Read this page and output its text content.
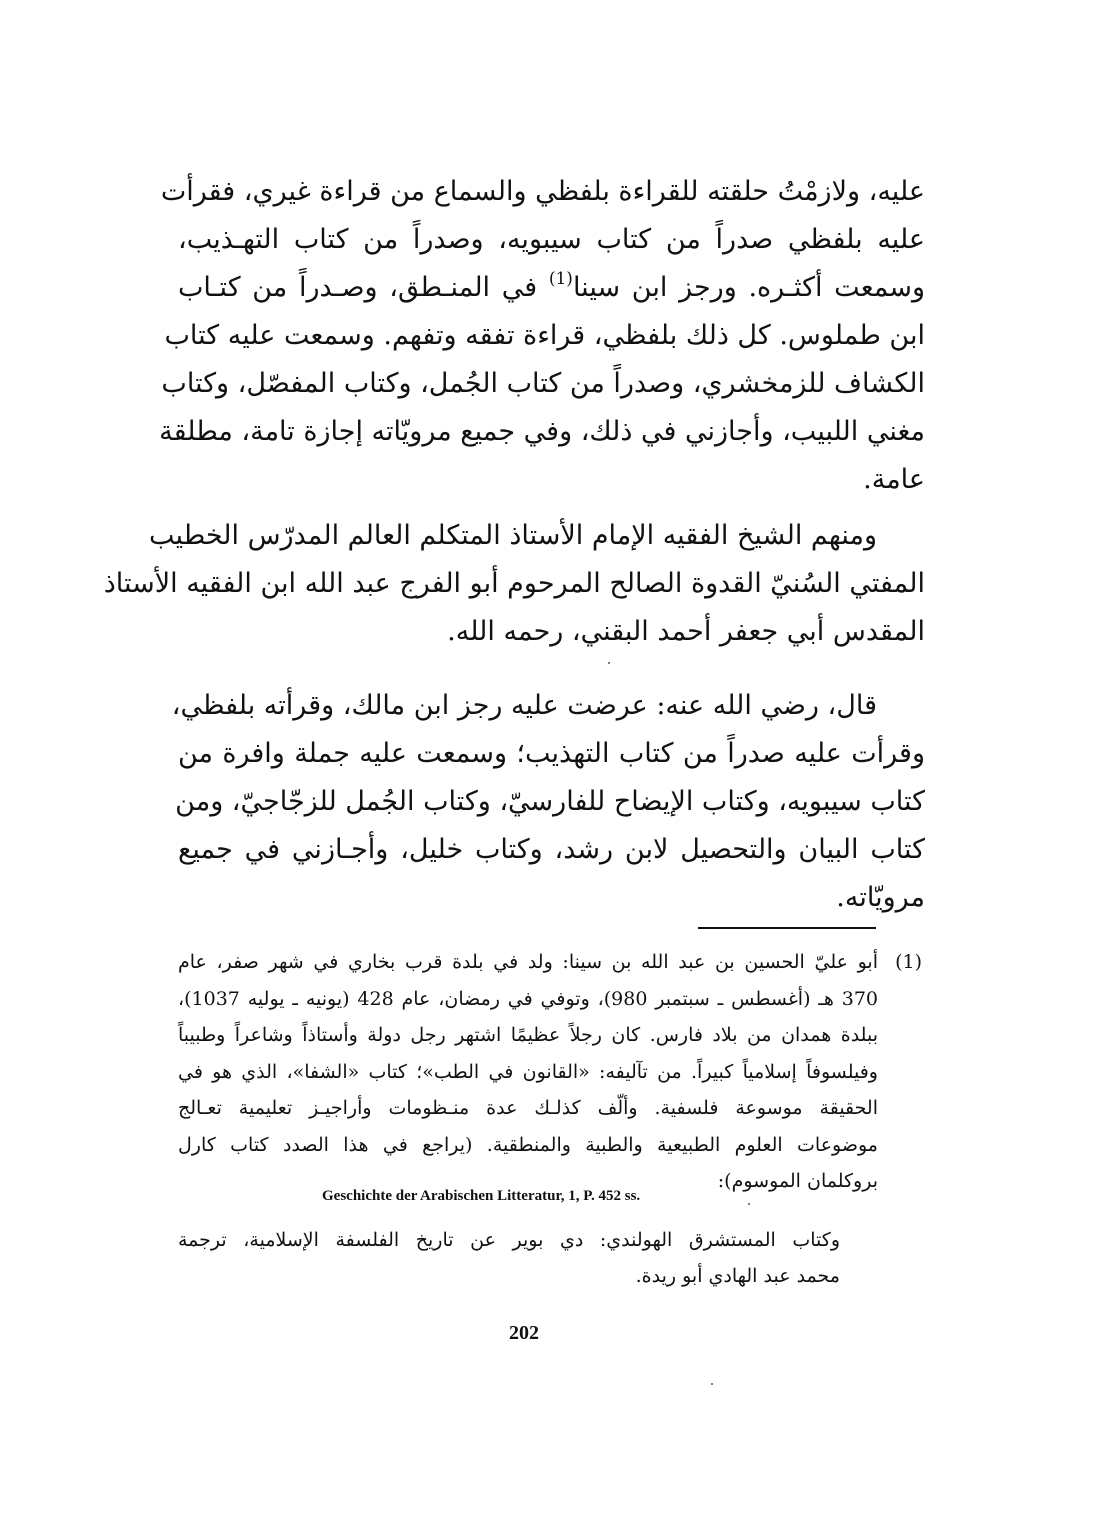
عليه، ولازمْتُ حلقته للقراءة بلفظي والسماع من قراءة غيري، فقرأت
عليه بلفظي صدراً من كتاب سيبويه، وصدراً من كتاب التهـذيب،
وسمعت أكثـره. ورجز ابن سينا$^{(1)}$ في المنـطق، وصـدراً من كتـاب
ابن طملوس. كل ذلك بلفظي، قراءة تفقه وتفهم. وسمعت عليه كتاب
الكشاف للزمخشري، وصدراً من كتاب الجُمل، وكتاب المفصّل، وكتاب
مغني اللبيب، وأجازني في ذلك، وفي جميع مرويّاته إجازة تامة، مطلقة
عامة.
ومنهم الشيخ الفقيه الإمام الأستاذ المتكلم العالم المدرّس الخطيب
المفتي السُنيّ القدوة الصالح المرحوم أبو الفرج عبد الله ابن الفقيه الأستاذ
المقدس أبي جعفر أحمد البقني، رحمه الله.
قال، رضي الله عنه: عرضت عليه رجز ابن مالك، وقرأته بلفظي،
وقرأت عليه صدراً من كتاب التهذيب؛ وسمعت عليه جملة وافرة من
كتاب سيبويه، وكتاب الإيضاح للفارسيّ، وكتاب الجُمل للزجّاجيّ، ومن
كتاب البيان والتحصيل لابن رشد، وكتاب خليل، وأجـازني في جميع
مرويّاته.
(1)
أبو عليّ الحسين بن عبد الله بن سينا: ولد في بلدة قرب بخاري في شهر صفر، عام
370 هـ (أغسطس ـ سبتمبر 980)، وتوفي في رمضان، عام 428 (يونيه ـ يوليه 1037)،
ببلدة همدان من بلاد فارس. كان رجلاً عظيمًا اشتهر رجل دولة وأستاذاً وشاعراً وطبيباً
وفيلسوفاً إسلامياً كبيراً. من تآليفه: «القانون في الطب»؛ كتاب «الشفا»، الذي هو في
الحقيقة موسوعة فلسفية. وألّف كذلـك عدة منـظومات وأراجيـز تعليمية تعـالج
موضوعات العلوم الطبيعية والطبية والمنطقية. (يراجع في هذا الصدد كتاب كارل
بروكلمان الموسوم):
Geschichte der Arabischen Litteratur, 1, P. 452 ss.
وكتاب المستشرق الهولندي: دي بوير عن تاريخ الفلسفة الإسلامية، ترجمة
محمد عبد الهادي أبو ريدة.
202
